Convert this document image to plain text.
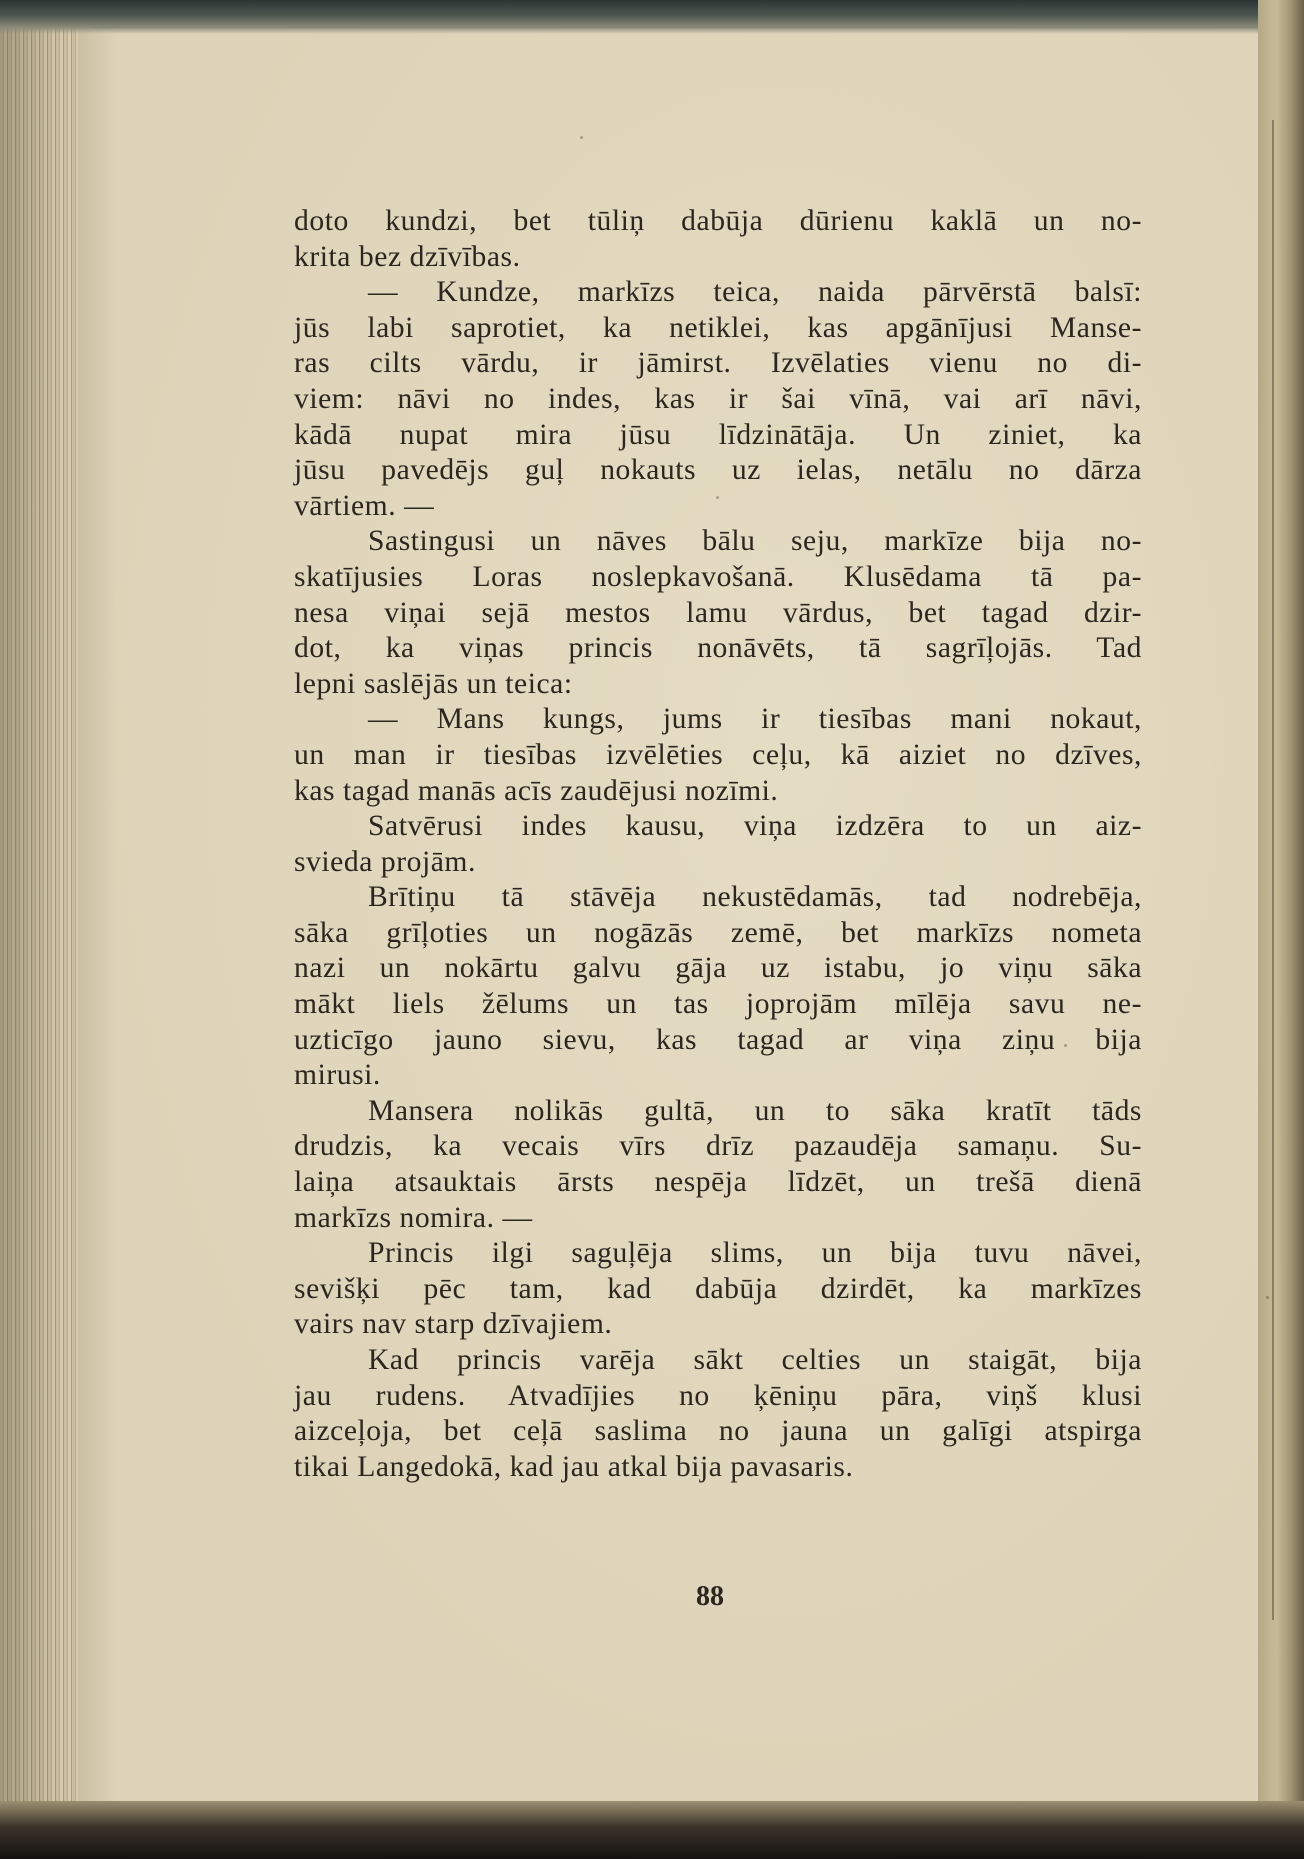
doto kundzi, bet tūliņ dabūja dūrienu kaklā un no-
krita bez dzīvības.
— Kundze, markīzs teica, naida pārvērstā balsī:
jūs labi saprotiet, ka netiklei, kas apgānījusi Manse-
ras cilts vārdu, ir jāmirst. Izvēlaties vienu no di-
viem: nāvi no indes, kas ir šai vīnā, vai arī nāvi,
kādā nupat mira jūsu līdzinātāja. Un ziniet, ka
jūsu pavedējs guļ nokauts uz ielas, netālu no dārza
vārtiem. —
Sastingusi un nāves bālu seju, markīze bija no-
skatījusies Loras noslepkavošanā. Klusēdama tā pa-
nesa viņai sejā mestos lamu vārdus, bet tagad dzir-
dot, ka viņas princis nonāvēts, tā sagrīļojās. Tad
lepni saslējās un teica:
— Mans kungs, jums ir tiesības mani nokaut,
un man ir tiesības izvēlēties ceļu, kā aiziet no dzīves,
kas tagad manās acīs zaudējusi nozīmi.
Satvērusi indes kausu, viņa izdzēra to un aiz-
svieda projām.
Brītiņu tā stāvēja nekustēdamās, tad nodrebēja,
sāka grīļoties un nogāzās zemē, bet markīzs nometa
nazi un nokārtu galvu gāja uz istabu, jo viņu sāka
mākt liels žēlums un tas joprojām mīlēja savu ne-
uzticīgo jauno sievu, kas tagad ar viņa ziņu bija
mirusi.
Mansera nolikās gultā, un to sāka kratīt tāds
drudzis, ka vecais vīrs drīz pazaudēja samaņu. Su-
laiņa atsauktais ārsts nespēja līdzēt, un trešā dienā
markīzs nomira. —
Princis ilgi saguļēja slims, un bija tuvu nāvei,
sevišķi pēc tam, kad dabūja dzirdēt, ka markīzes
vairs nav starp dzīvajiem.
Kad princis varēja sākt celties un staigāt, bija
jau rudens. Atvadījies no ķēniņu pāra, viņš klusi
aizceļoja, bet ceļā saslima no jauna un galīgi atspirga
tikai Langedokā, kad jau atkal bija pavasaris.
88
